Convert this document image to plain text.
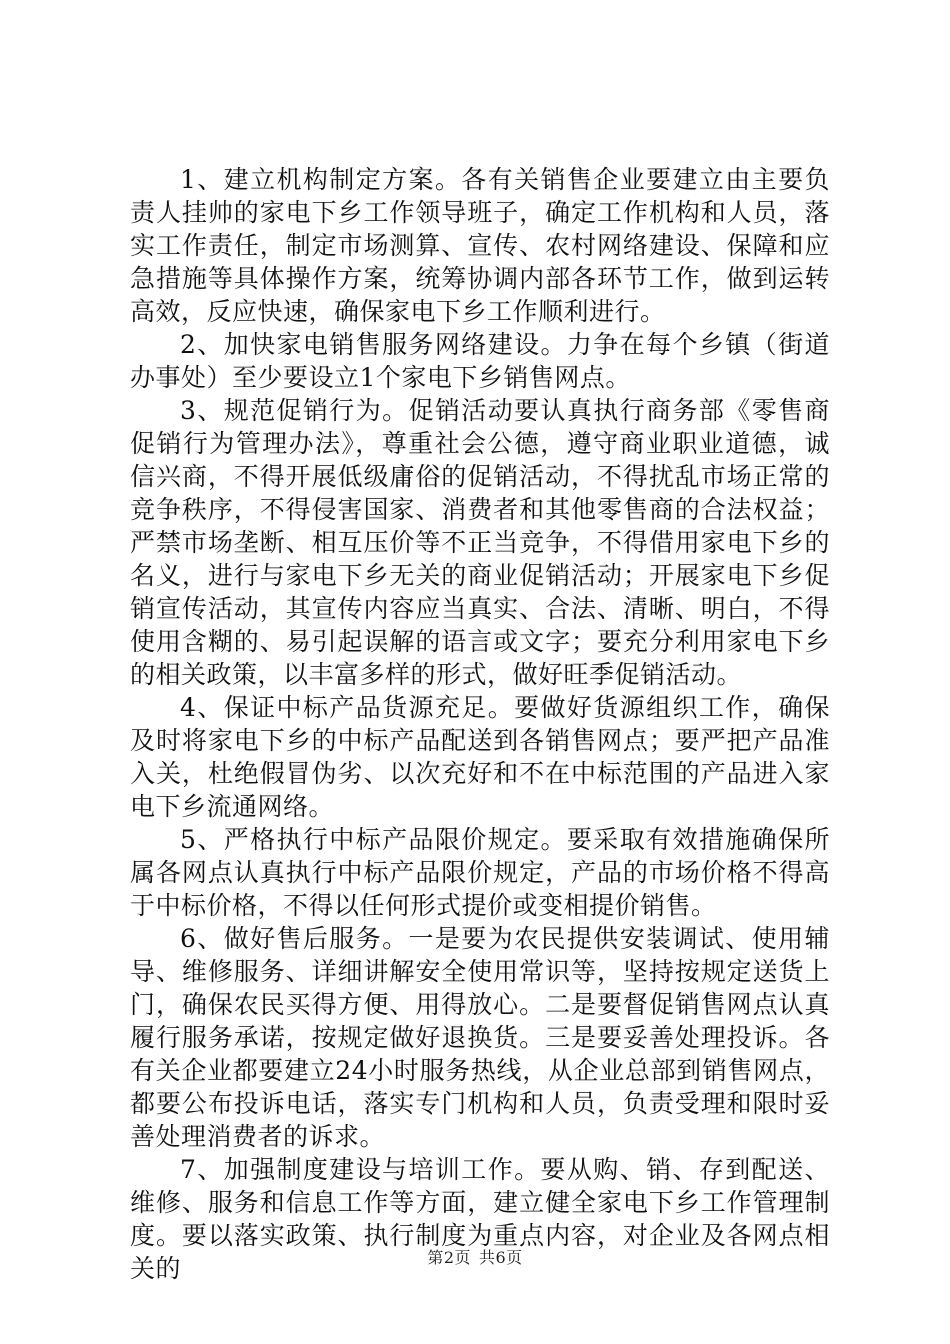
1、建立机构制定方案。各有关销售企业要建立由主要负责人挂帅的家电下乡工作领导班子，确定工作机构和人员，落实工作责任，制定市场测算、宣传、农村网络建设、保障和应急措施等具体操作方案，统筹协调内部各环节工作，做到运转高效，反应快速，确保家电下乡工作顺利进行。

2、加快家电销售服务网络建设。力争在每个乡镇（街道办事处）至少要设立1个家电下乡销售网点。

3、规范促销行为。促销活动要认真执行商务部《零售商促销行为管理办法》，尊重社会公德，遵守商业职业道德，诚信兴商，不得开展低级庸俗的促销活动，不得扰乱市场正常的竞争秩序，不得侵害国家、消费者和其他零售商的合法权益；严禁市场垄断、相互压价等不正当竞争，不得借用家电下乡的名义，进行与家电下乡无关的商业促销活动；开展家电下乡促销宣传活动，其宣传内容应当真实、合法、清晰、明白，不得使用含糊的、易引起误解的语言或文字；要充分利用家电下乡的相关政策，以丰富多样的形式，做好旺季促销活动。

4、保证中标产品货源充足。要做好货源组织工作，确保及时将家电下乡的中标产品配送到各销售网点；要严把产品准入关，杜绝假冒伪劣、以次充好和不在中标范围的产品进入家电下乡流通网络。

5、严格执行中标产品限价规定。要采取有效措施确保所属各网点认真执行中标产品限价规定，产品的市场价格不得高于中标价格，不得以任何形式提价或变相提价销售。

6、做好售后服务。一是要为农民提供安装调试、使用辅导、维修服务、详细讲解安全使用常识等，坚持按规定送货上门，确保农民买得方便、用得放心。二是要督促销售网点认真履行服务承诺，按规定做好退换货。三是要妥善处理投诉。各有关企业都要建立24小时服务热线，从企业总部到销售网点，都要公布投诉电话，落实专门机构和人员，负责受理和限时妥善处理消费者的诉求。

7、加强制度建设与培训工作。要从购、销、存到配送、维修、服务和信息工作等方面，建立健全家电下乡工作管理制度。要以落实政策、执行制度为重点内容，对企业及各网点相关的	第2页 共6页
